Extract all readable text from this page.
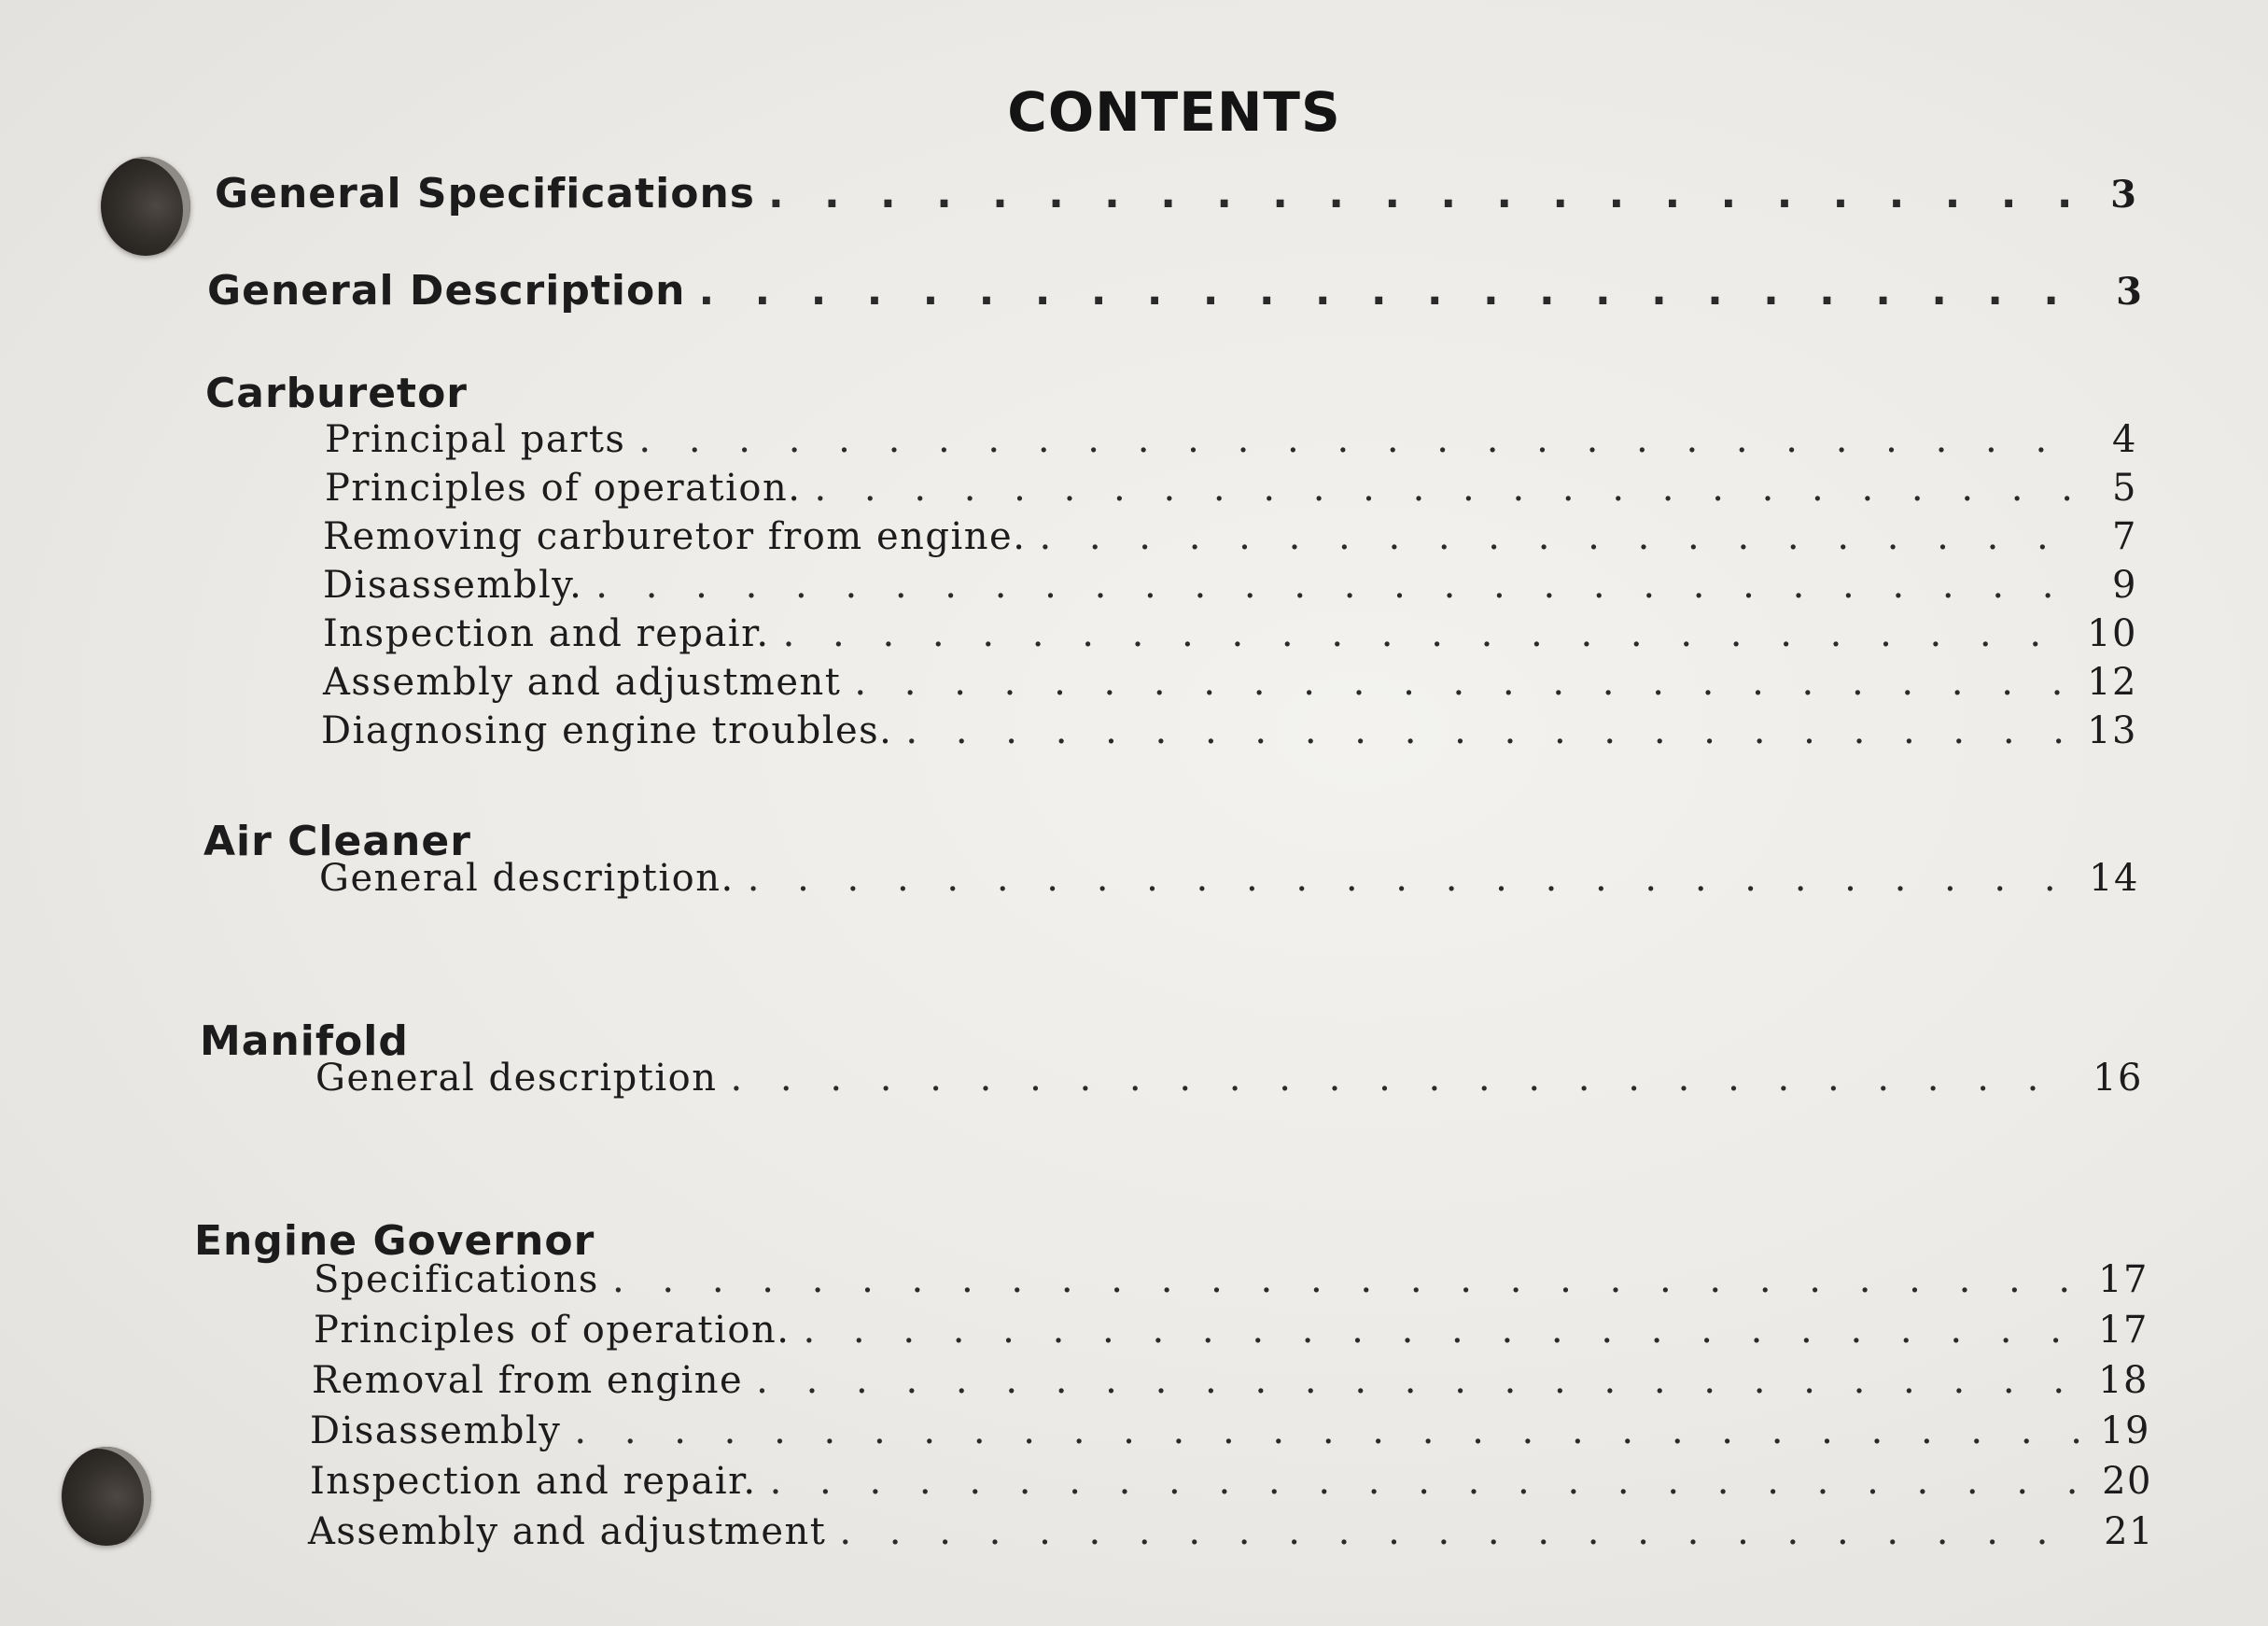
CONTENTS
General Specifications . . .	3
General Description . . .	3
Carburetor
Principal parts . . .	4
Principles of operation. . . .	5
Removing carburetor from engine. . . .	7
Disassembly. . . .	9
Inspection and repair. . . .	10
Assembly and adjustment . . .	12
Diagnosing engine troubles. . . .	13
Air Cleaner
General description. . . .	14
Manifold
General description . . .	16
Engine Governor
Specifications . . .	17
Principles of operation. . . .	17
Removal from engine . . .	18
Disassembly . . .	19
Inspection and repair. . . .	20
Assembly and adjustment . . .	21
